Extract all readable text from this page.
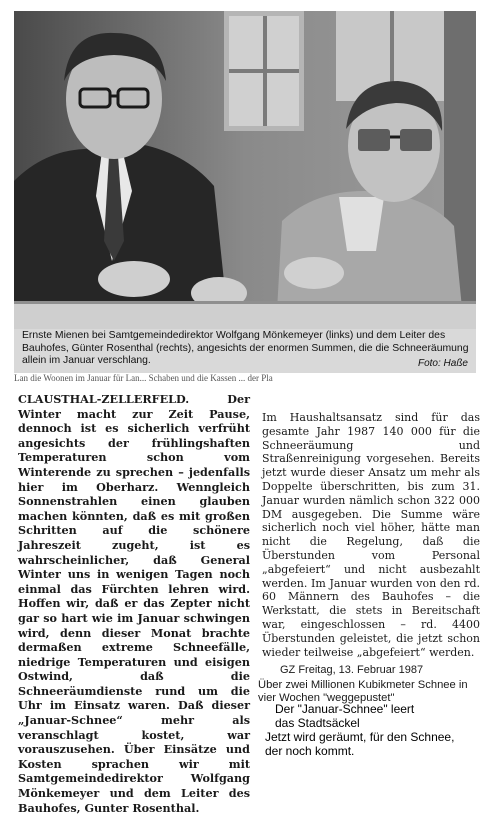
Ernste Mienen bei Samtgemeindedirektor Wolfgang Mönkemeyer (links) und dem Leiter des Bauhofes, Günter Rosenthal (rechts), angesichts der enormen Summen, die die Schneeräumung allein im Januar verschlang.	Foto: Haße
Lan die Woonen im Januar für Lan... Schaben und die Kassen ... der Pla

CLAUSTHAL-ZELLERFELD.	Der Winter macht zur Zeit Pause, dennoch ist es sicherlich verfrüht angesichts der frühlingshaften Temperaturen schon vom Winterende zu sprechen – jedenfalls hier im Oberharz. Wenngleich Sonnenstrahlen einen glauben machen könnten, daß es mit großen Schritten auf die schönere Jahreszeit zugeht, ist es wahrscheinlicher, daß General Winter uns in wenigen Tagen noch einmal das Fürchten lehren wird. Hoffen wir, daß er das Zepter nicht gar so hart wie im Januar schwingen wird, denn dieser Monat brachte dermaßen extreme Schneefälle, niedrige Temperaturen und eisigen Ostwind, daß die Schneeräumdienste rund um die Uhr im Einsatz waren. Daß dieser „Januar-Schnee“ mehr als veranschlagt kostet, war vorauszusehen. Über Einsätze und Kosten sprachen wir mit Samtgemeindedirektor Wolfgang Mönkemeyer und dem Leiter des Bauhofes, Gunter Rosenthal.

Im Haushaltsansatz sind für das gesamte Jahr 1987 140 000 für die Schneeräumung und Straßenreinigung vorgesehen. Bereits jetzt wurde dieser Ansatz um mehr als Doppelte überschritten, bis zum 31. Januar wurden nämlich schon 322 000 DM ausgegeben. Die Summe wäre sicherlich noch viel höher, hätte man nicht die Regelung, daß die Überstunden vom Personal „abgefeiert“ und nicht ausbezahlt werden. Im Januar wurden von den rd. 60 Männern des Bauhofes – die Werkstatt, die stets in Bereitschaft war, eingeschlossen – rd. 4400 Überstunden geleistet, die jetzt schon wieder teilweise „abgefeiert“ werden.

GZ Freitag, 13. Februar 1987
Über zwei Millionen Kubikmeter Schnee in vier Wochen "weggepustet"
Der "Januar-Schnee" leert
das Stadtsäckel
Jetzt wird geräumt, für den Schnee,
der noch kommt.
